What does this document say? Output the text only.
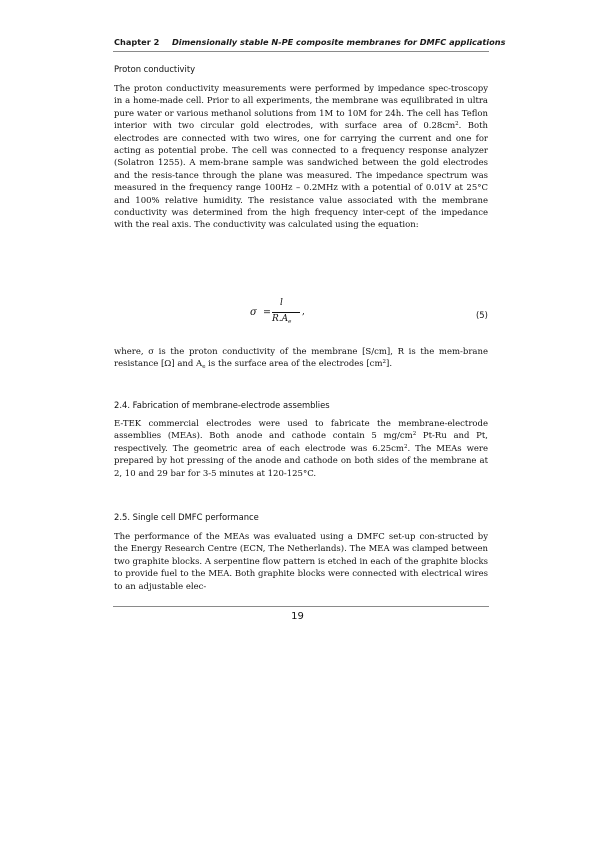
Chapter 2 Dimensionally stable N-PE composite membranes for DMFC applications
Proton conductivity
The proton conductivity measurements were performed by impedance spec-troscopy in a home-made cell. Prior to all experiments, the membrane was equilibrated in ultra pure water or various methanol solutions from 1M to 10M for 24h. The cell has Teflon interior with two circular gold electrodes, with surface area of $0.28cm^2$. Both electrodes are connected with two wires, one for carrying the current and one for acting as potential probe. The cell was connected to a frequency response analyzer (Solatron 1255). A mem-brane sample was sandwiched between the gold electrodes and the resis-tance through the plane was measured. The impedance spectrum was measured in the frequency range 100Hz – 0.2MHz with a potential of 0.01V at 25°C and 100% relative humidity. The resistance value associated with the membrane conductivity was determined from the high frequency inter-cept of the impedance with the real axis. The conductivity was calculated using the equation:
σ =
l
$R.A_e$
,	(5)
where, σ is the proton conductivity of the membrane [S/cm], R is the mem-brane resistance [Ω] and $A_e$ is the surface area of the electrodes $[cm^2]$.
2.4. Fabrication of membrane-electrode assemblies
E-TEK commercial electrodes were used to fabricate the membrane-electrode assemblies (MEAs). Both anode and cathode contain 5 $mg/cm^2$ Pt-Ru and Pt, respectively. The geometric area of each electrode was $6.25cm^2$. The MEAs were prepared by hot pressing of the anode and cathode on both sides of the membrane at 2, 10 and 29 bar for 3-5 minutes at 120-125°C.
2.5. Single cell DMFC performance
The performance of the MEAs was evaluated using a DMFC set-up con-structed by the Energy Research Centre (ECN, The Netherlands). The MEA was clamped between two graphite blocks. A serpentine flow pattern is etched in each of the graphite blocks to provide fuel to the MEA. Both graphite blocks were connected with electrical wires to an adjustable elec-
19
